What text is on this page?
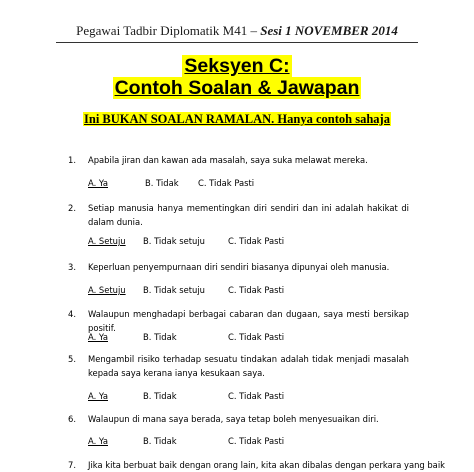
Pegawai Tadbir Diplomatik M41 – Sesi 1 NOVEMBER 2014
Seksyen C:
Contoh Soalan & Jawapan
Ini BUKAN SOALAN RAMALAN. Hanya contoh sahaja
1. Apabila jiran dan kawan ada masalah, saya suka melawat mereka.
A. Ya	B. Tidak C. Tidak Pasti
2. Setiap manusia hanya mementingkan diri sendiri dan ini adalah hakikat di dalam dunia.
A. Setuju B. Tidak setuju	C. Tidak Pasti
3. Keperluan penyempurnaan diri sendiri biasanya dipunyai oleh manusia.
A. Setuju B. Tidak setuju	C. Tidak Pasti
4. Walaupun menghadapi berbagai cabaran dan dugaan, saya mesti bersikap positif.
A. Ya	B. Tidak	C. Tidak Pasti
5. Mengambil risiko terhadap sesuatu tindakan adalah tidak menjadi masalah kepada saya kerana ianya kesukaan saya.
A. Ya	B. Tidak	C. Tidak Pasti
6. Walaupun di mana saya berada, saya tetap boleh menyesuaikan diri.
A. Ya	B. Tidak	C. Tidak Pasti
7. Jika kita berbuat baik dengan orang lain, kita akan dibalas dengan perkara yang baik
